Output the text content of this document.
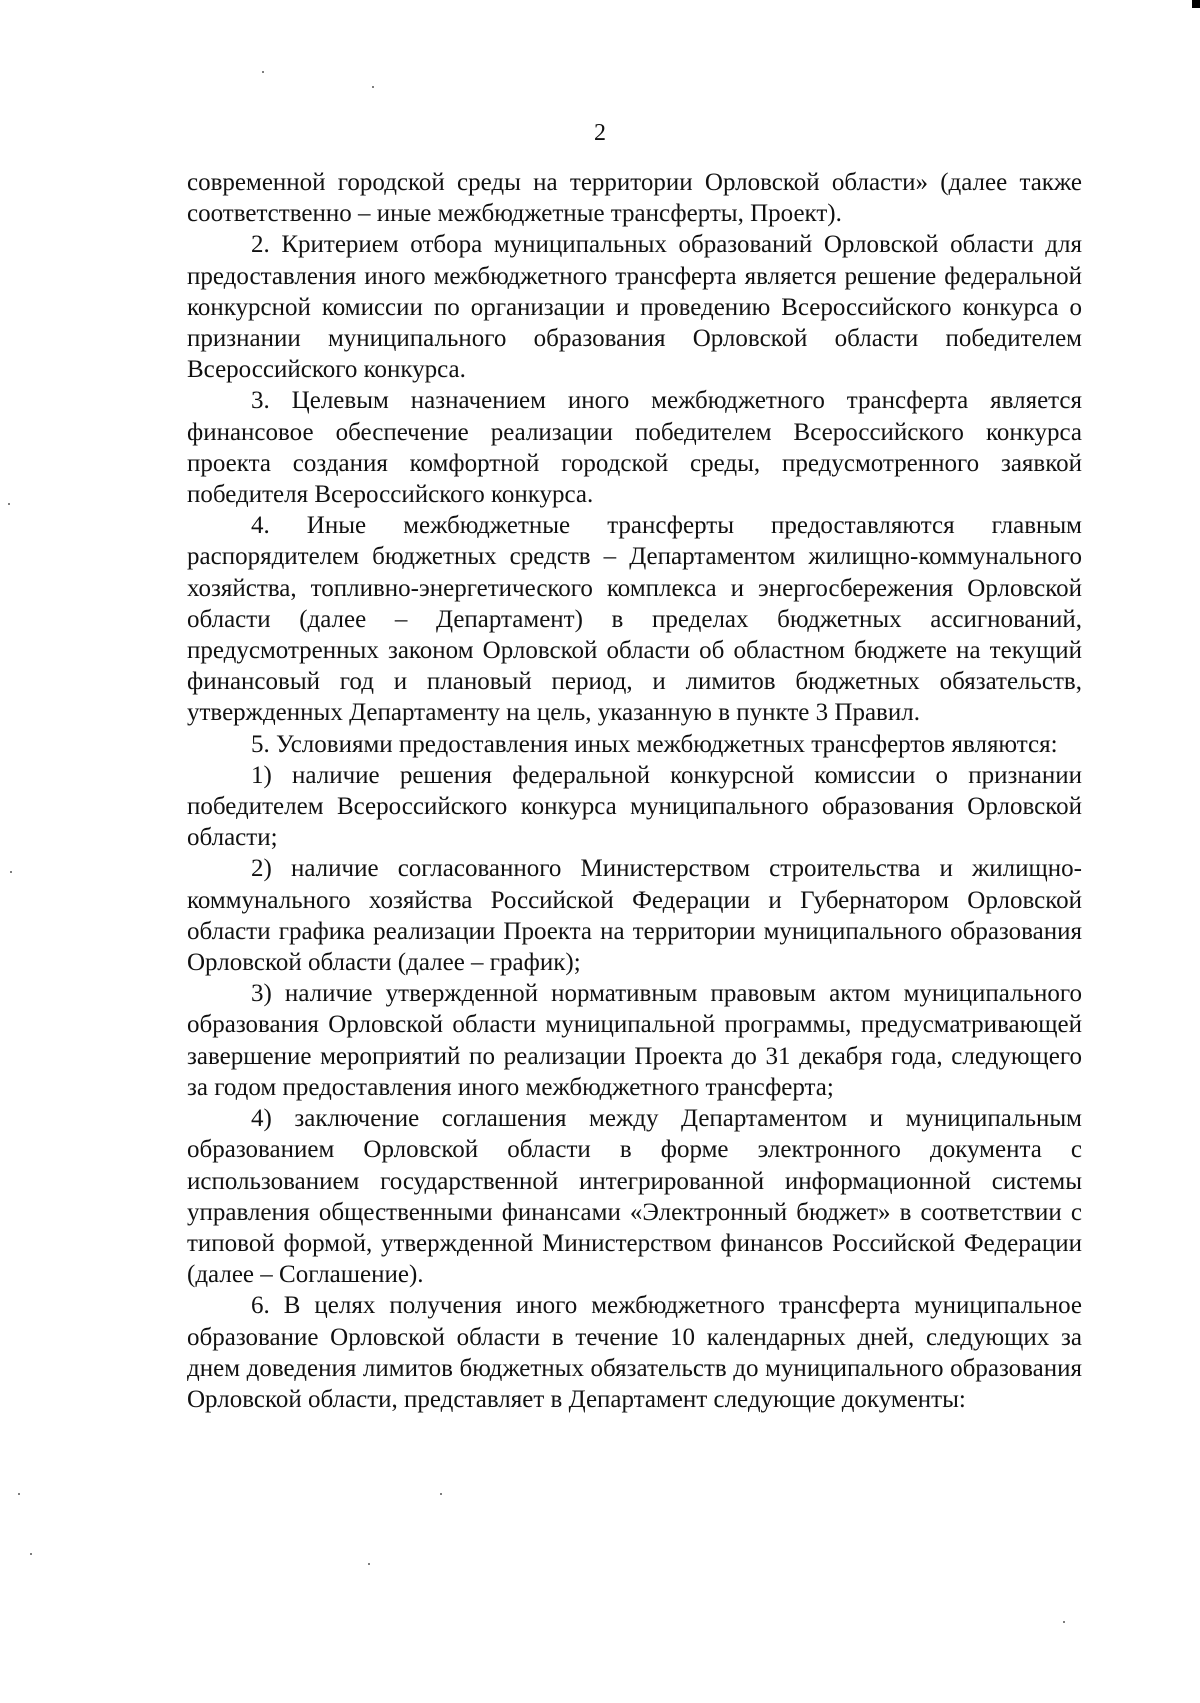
2

современной городской среды на территории Орловской области» (далее также соответственно – иные межбюджетные трансферты, Проект).

2. Критерием отбора муниципальных образований Орловской области для предоставления иного межбюджетного трансферта является решение федеральной конкурсной комиссии по организации и проведению Всероссийского конкурса о признании муниципального образования Орловской области победителем Всероссийского конкурса.

3. Целевым назначением иного межбюджетного трансферта является финансовое обеспечение реализации победителем Всероссийского конкурса проекта создания комфортной городской среды, предусмотренного заявкой победителя Всероссийского конкурса.

4. Иные межбюджетные трансферты предоставляются главным распорядителем бюджетных средств – Департаментом жилищно-коммунального хозяйства, топливно-энергетического комплекса и энергосбережения Орловской области (далее – Департамент) в пределах бюджетных ассигнований, предусмотренных законом Орловской области об областном бюджете на текущий финансовый год и плановый период, и лимитов бюджетных обязательств, утвержденных Департаменту на цель, указанную в пункте 3 Правил.

5. Условиями предоставления иных межбюджетных трансфертов являются:

1) наличие решения федеральной конкурсной комиссии о признании победителем Всероссийского конкурса муниципального образования Орловской области;

2) наличие согласованного Министерством строительства и жилищно-коммунального хозяйства Российской Федерации и Губернатором Орловской области графика реализации Проекта на территории муниципального образования Орловской области (далее – график);

3) наличие утвержденной нормативным правовым актом муниципального образования Орловской области муниципальной программы, предусматривающей завершение мероприятий по реализации Проекта до 31 декабря года, следующего за годом предоставления иного межбюджетного трансферта;

4) заключение соглашения между Департаментом и муниципальным образованием Орловской области в форме электронного документа с использованием государственной интегрированной информационной системы управления общественными финансами «Электронный бюджет» в соответствии с типовой формой, утвержденной Министерством финансов Российской Федерации (далее – Соглашение).

6. В целях получения иного межбюджетного трансферта муниципальное образование Орловской области в течение 10 календарных дней, следующих за днем доведения лимитов бюджетных обязательств до муниципального образования Орловской области, представляет в Департамент следующие документы:
